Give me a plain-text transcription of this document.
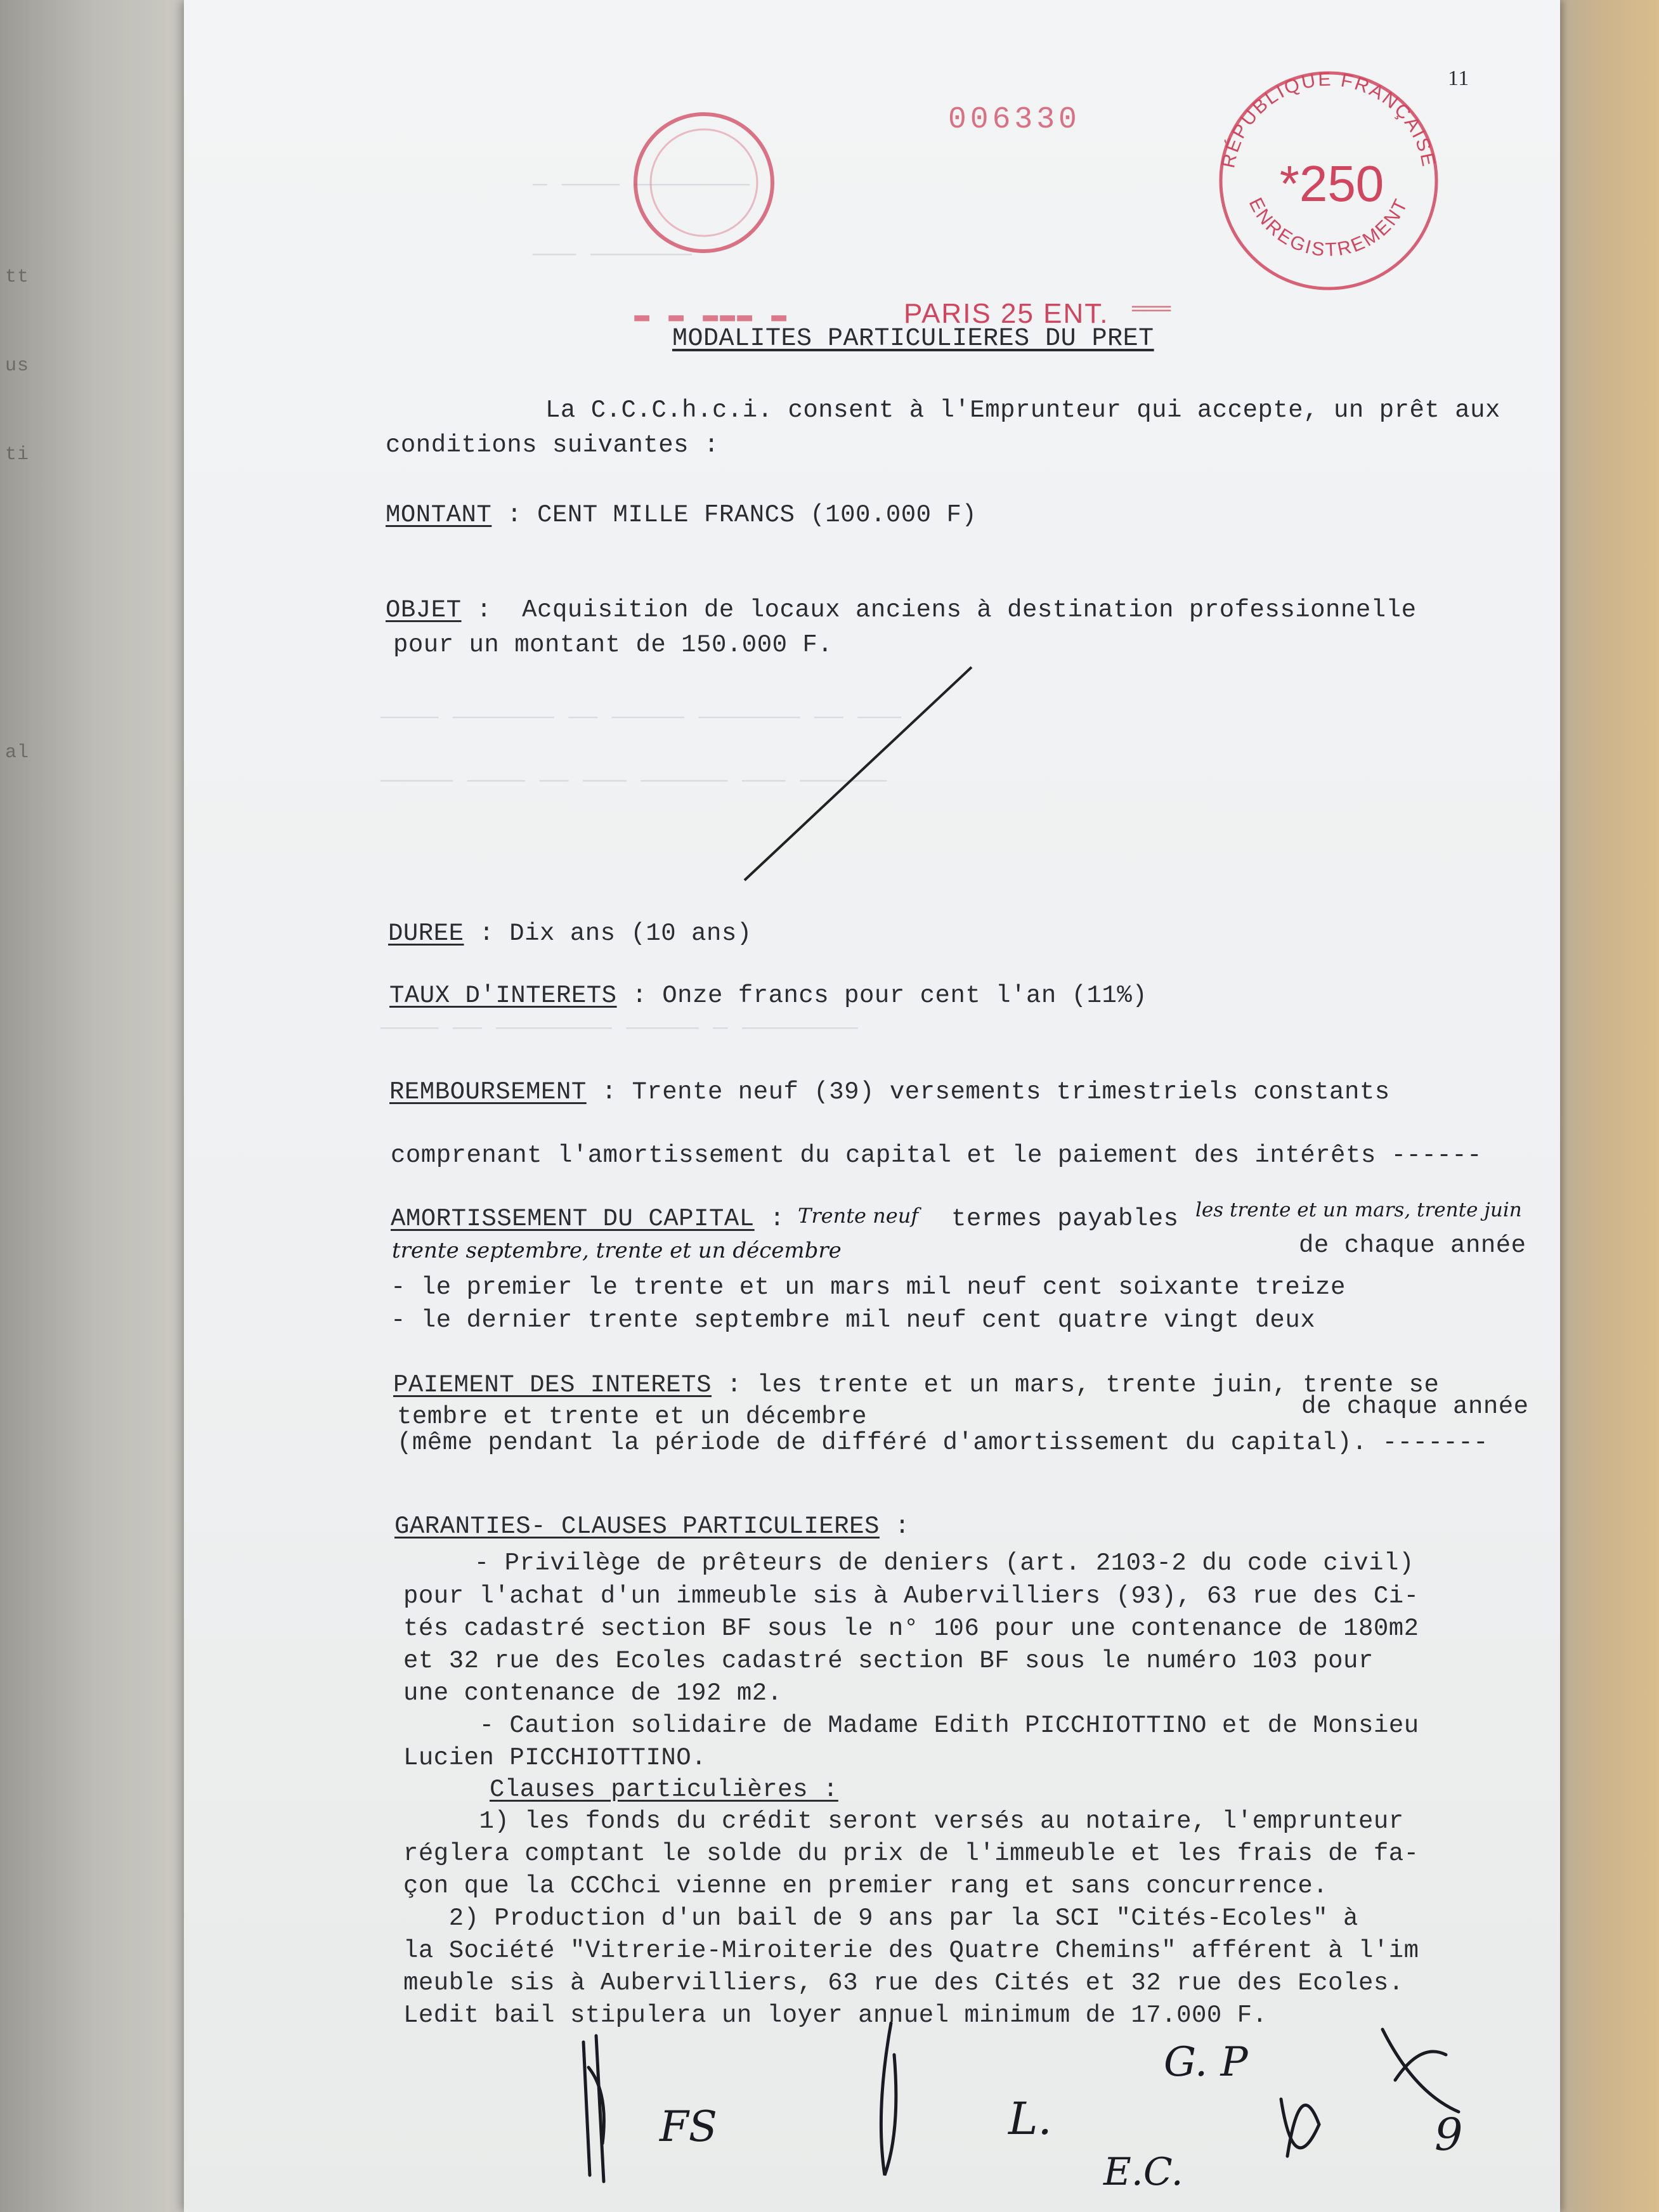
tt
us
ti
al
— ———— ————————
——— ———————
———— ——————— —— ————— ——————— —— ———
————— ———— —— ——— —————— ——— ——————
———— —— ———————— ————— — ————————
11
006330
RÉPUBLIQUE FRANÇAISE
ENREGISTREMENT
*250
PARIS 25 ENT.
▬ ▬ ▬▬▬ ▬	═══
MODALITES PARTICULIERES DU PRET
La C.C.C.h.c.i. consent à l'Emprunteur qui accepte, un prêt aux
conditions suivantes :
MONTANT : CENT MILLE FRANCS (100.000 F)
OBJET :  Acquisition de locaux anciens à destination professionnelle
pour un montant de 150.000 F.
DUREE : Dix ans (10 ans)
TAUX D'INTERETS : Onze francs pour cent l'an (11%)
REMBOURSEMENT : Trente neuf (39) versements trimestriels constants
comprenant l'amortissement du capital et le paiement des intérêts ------
AMORTISSEMENT DU CAPITAL : Trente neuf termes payables les trente et un mars, trente juin
trente septembre, trente et un décembre	de chaque année
- le premier le trente et un mars mil neuf cent soixante treize
- le dernier trente septembre mil neuf cent quatre vingt deux
PAIEMENT DES INTERETS : les trente et un mars, trente juin, trente se
tembre et trente et un décembre	de chaque année
(même pendant la période de différé d'amortissement du capital). -------
GARANTIES- CLAUSES PARTICULIERES :
- Privilège de prêteurs de deniers (art. 2103-2 du code civil)
pour l'achat d'un immeuble sis à Aubervilliers (93), 63 rue des Ci-
tés cadastré section BF sous le n° 106 pour une contenance de 180m2
et 32 rue des Ecoles cadastré section BF sous le numéro 103 pour
une contenance de 192 m2.
- Caution solidaire de Madame Edith PICCHIOTTINO et de Monsieu
Lucien PICCHIOTTINO.
Clauses particulières :
1) les fonds du crédit seront versés au notaire, l'emprunteur
réglera comptant le solde du prix de l'immeuble et les frais de fa-
çon que la CCChci vienne en premier rang et sans concurrence.
2) Production d'un bail de 9 ans par la SCI "Cités-Ecoles" à
la Société "Vitrerie-Miroiterie des Quatre Chemins" afférent à l'im
meuble sis à Aubervilliers, 63 rue des Cités et 32 rue des Ecoles.
Ledit bail stipulera un loyer annuel minimum de 17.000 F.
FS	L.
G. P
E.C.
9
